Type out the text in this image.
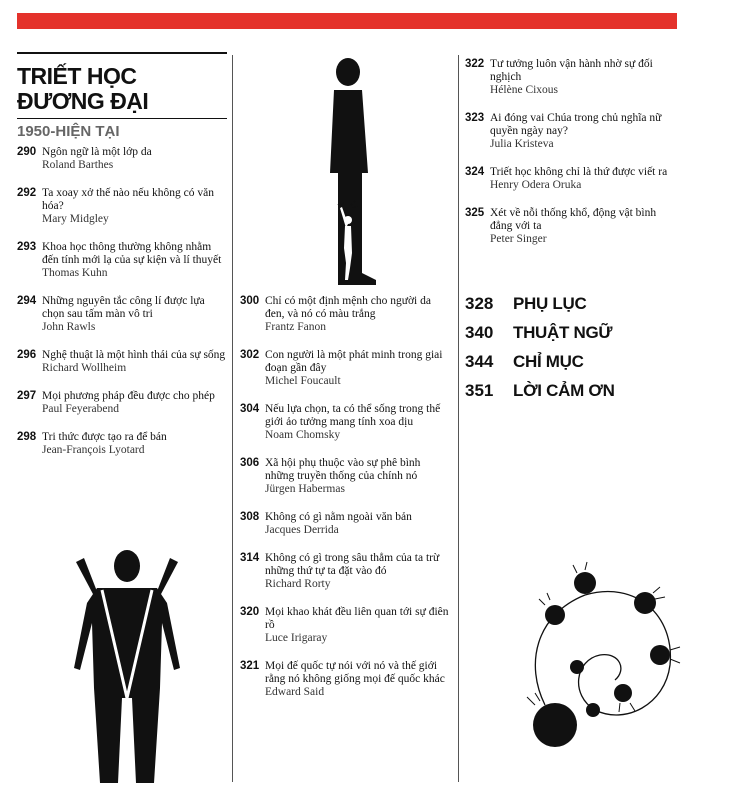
TRIẾT HỌC
ĐƯƠNG ĐẠI
1950-HIỆN TẠI
290 Ngôn ngữ là một lớp da
Roland Barthes
292 Ta xoay xở thế nào nếu không có văn hóa?
Mary Midgley
293 Khoa học thông thường không nhằm đến tính mới lạ của sự kiện và lí thuyết
Thomas Kuhn
294 Những nguyên tắc công lí được lựa chọn sau tấm màn vô tri
John Rawls
296 Nghệ thuật là một hình thái của sự sống
Richard Wollheim
297 Mọi phương pháp đều được cho phép
Paul Feyerabend
298 Tri thức được tạo ra để bán
Jean-François Lyotard
300 Chỉ có một định mệnh cho người da đen, và nó có màu trắng
Frantz Fanon
302 Con người là một phát minh trong giai đoạn gần đây
Michel Foucault
304 Nếu lựa chọn, ta có thể sống trong thế giới ảo tưởng mang tính xoa dịu
Noam Chomsky
306 Xã hội phụ thuộc vào sự phê bình những truyền thống của chính nó
Jürgen Habermas
308 Không có gì nằm ngoài văn bản
Jacques Derrida
314 Không có gì trong sâu thẳm của ta trừ những thứ tự ta đặt vào đó
Richard Rorty
320 Mọi khao khát đều liên quan tới sự điên rồ
Luce Irigaray
321 Mọi đế quốc tự nói với nó và thế giới rằng nó không giống mọi đế quốc khác
Edward Said
322 Tư tưởng luôn vận hành nhờ sự đối nghịch
Hélène Cixous
323 Ai đóng vai Chúa trong chủ nghĩa nữ quyền ngày nay?
Julia Kristeva
324 Triết học không chỉ là thứ được viết ra
Henry Odera Oruka
325 Xét về nỗi thống khổ, động vật bình đẳng với ta
Peter Singer
328	PHỤ LỤC
340	THUẬT NGỮ
344	CHỈ MỤC
351	LỜI CẢM ƠN
